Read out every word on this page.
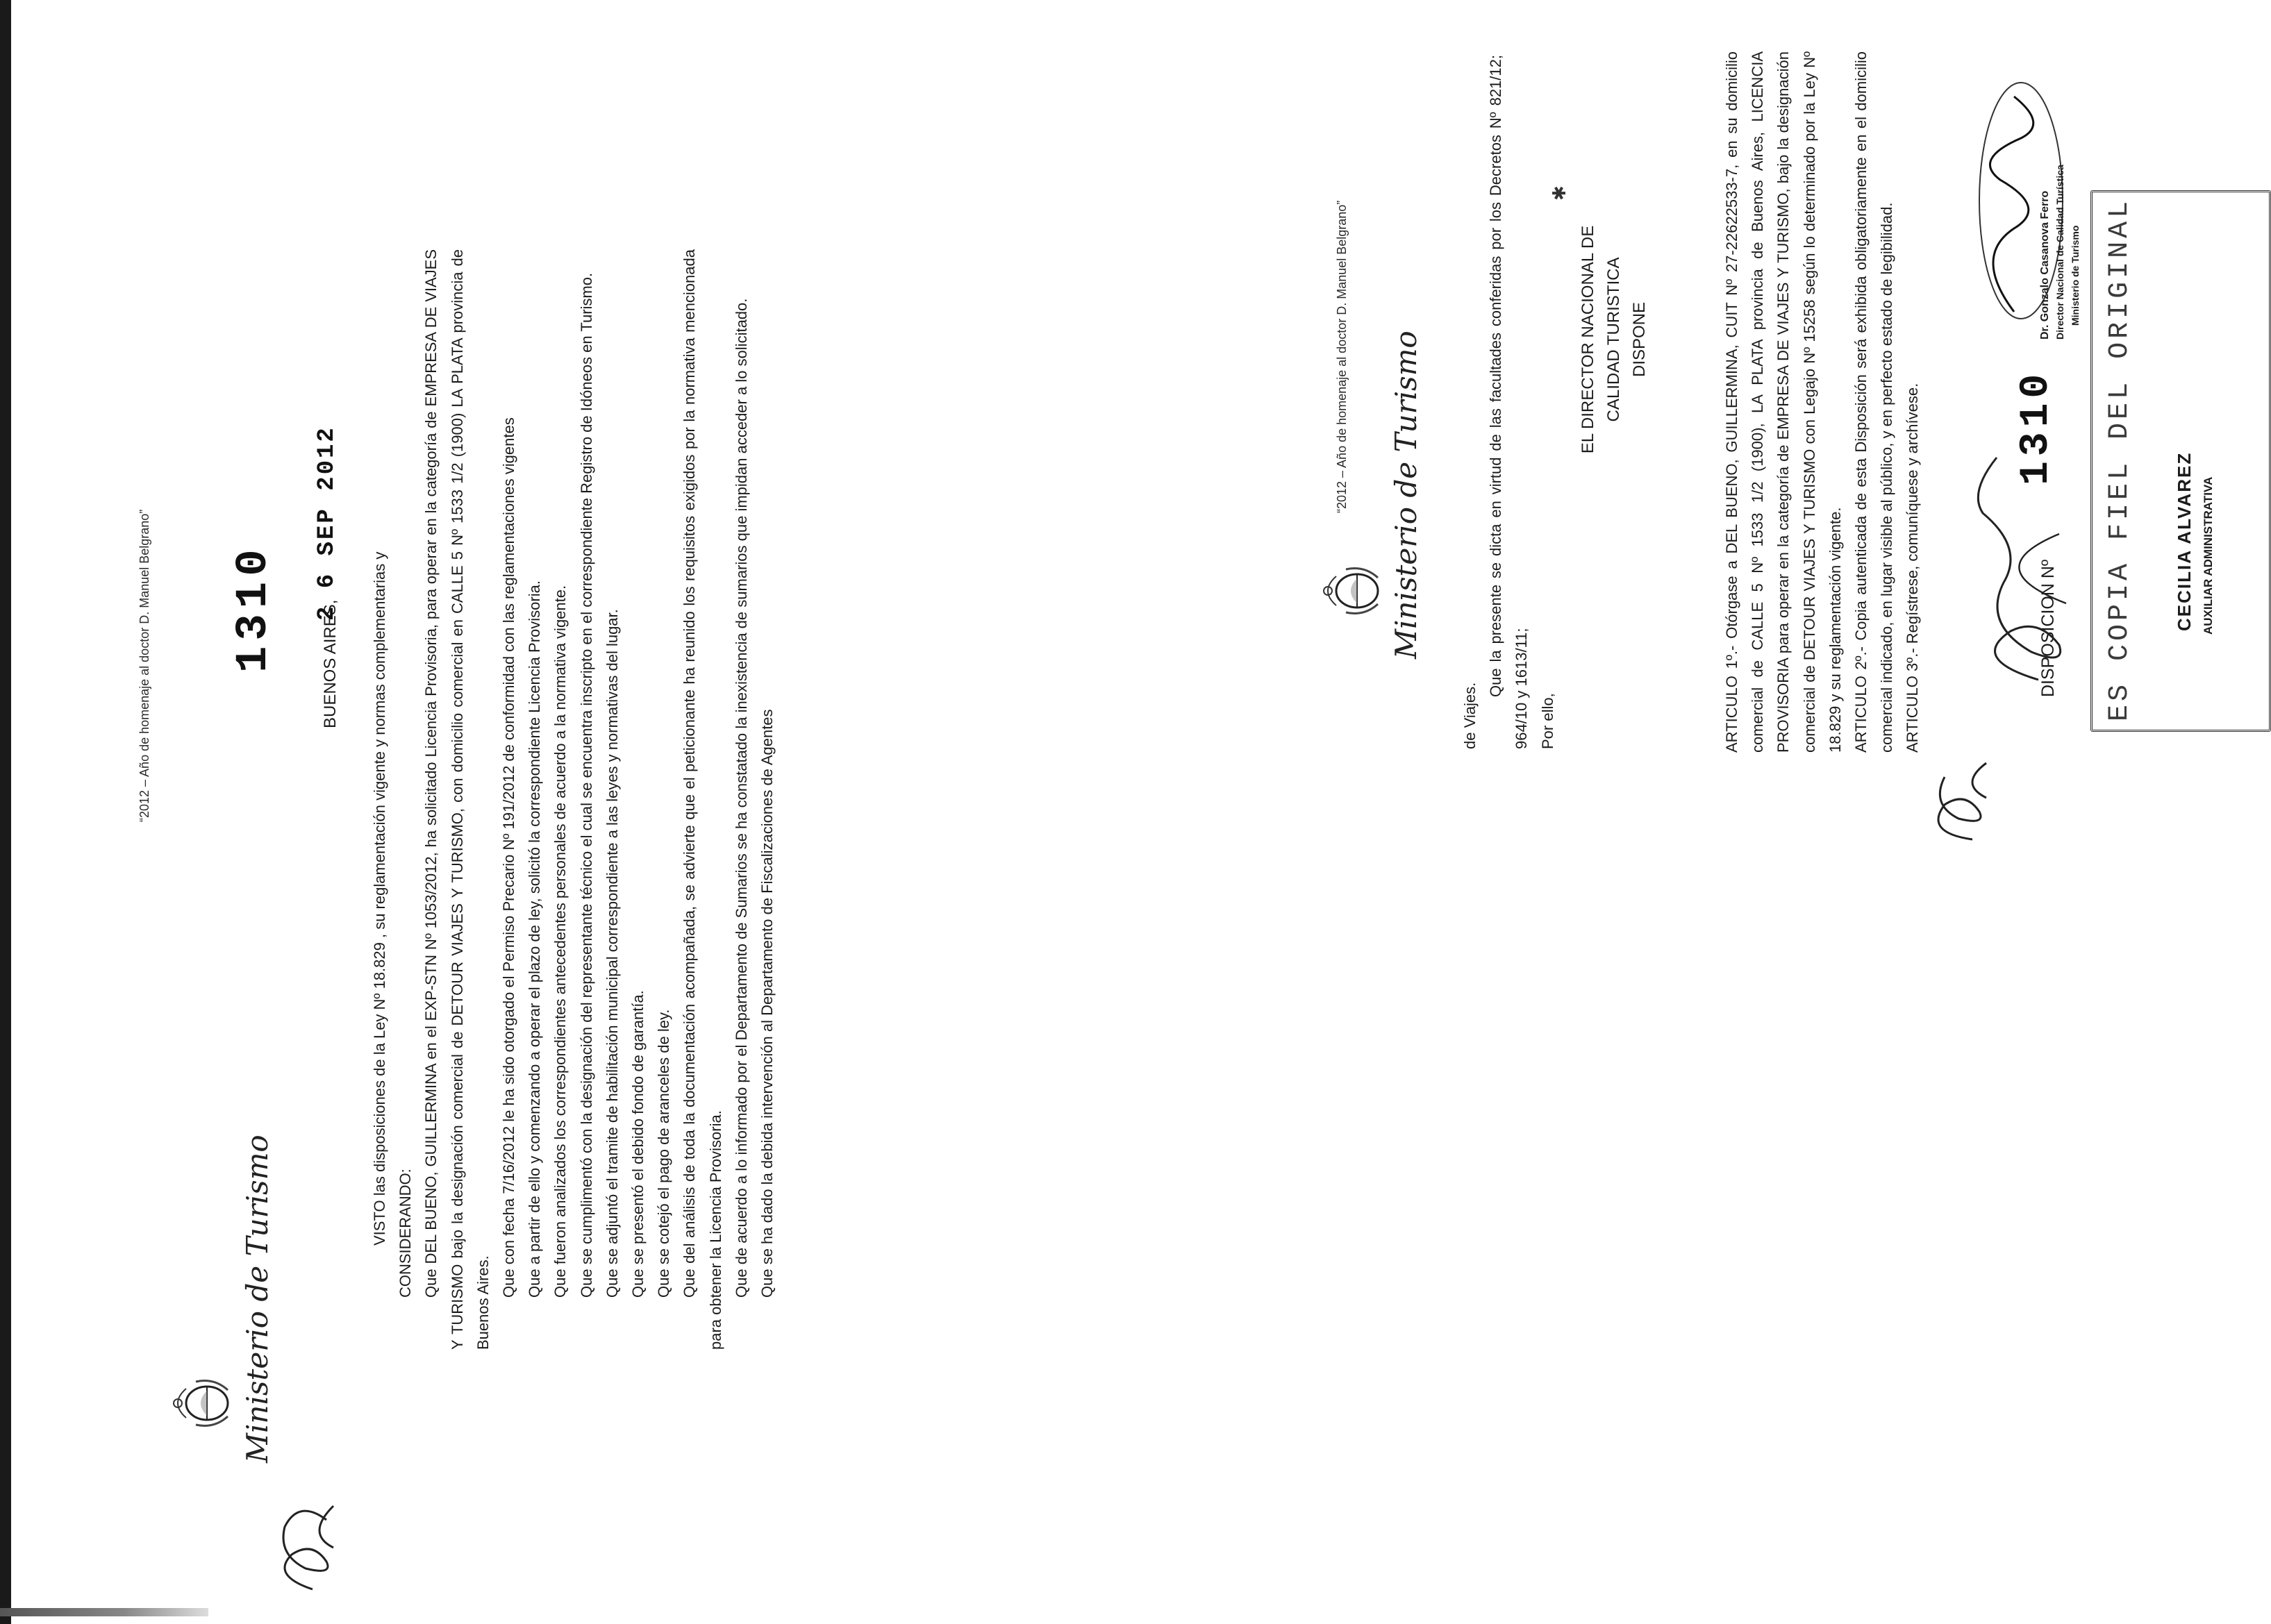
“2012 – Año de homenaje al doctor D. Manuel Belgrano”
Ministerio de Turismo
1310	BUENOS AIRES,
2 6 SEP 2012

VISTO las disposiciones de la Ley Nº 18.829 , su reglamentación vigente y normas complementarias y CONSIDERANDO: Que DEL BUENO, GUILLERMINA en el EXP-STN Nº 1053/2012, ha solicitado Licencia Provisoria, para operar en la categoría de EMPRESA DE VIAJES Y TURISMO bajo la designación comercial de DETOUR VIAJES Y TURISMO, con domicilio comercial en CALLE 5 Nº 1533 1/2 (1900) LA PLATA provincia de Buenos Aires.

Que con fecha 7/16/2012 le ha sido otorgado el Permiso Precario Nº 191/2012 de conformidad con las reglamentaciones vigentes Que a partir de ello y comenzando a operar el plazo de ley, solicitó la correspondiente Licencia Provisoria. Que fueron analizados los correspondientes antecedentes personales de acuerdo a la normativa vigente. Que se cumplimentó con la designación del representante técnico el cual se encuentra inscripto en el correspondiente Registro de Idóneos en Turismo. Que se adjuntó el tramite de habilitación municipal correspondiente a las leyes y normativas del lugar. Que se presentó el debido fondo de garantía. Que se cotejó el pago de aranceles de ley. Que del análisis de toda la documentación acompañada, se advierte que el peticionante ha reunido los requisitos exigidos por la normativa mencionada para obtener la Licencia Provisoria. Que de acuerdo a lo informado por el Departamento de Sumarios se ha constatado la inexistencia de sumarios que impidan acceder a lo solicitado. Que se ha dado la debida intervención al Departamento de Fiscalizaciones de Agentes

“2012 – Año de homenaje al doctor D. Manuel Belgrano” Ministerio de Turismo

de Viajes.

Que la presente se dicta en virtud de las facultades conferidas por los Decretos Nº 821/12; 964/10 y 1613/11; Por ello,

EL DIRECTOR NACIONAL DE CALIDAD TURISTICA DISPONE	ARTICULO 1º.- Otórgase a DEL BUENO, GUILLERMINA, CUIT Nº 27-22622533-7, en su domicilio comercial de CALLE 5 Nº 1533 1/2 (1900), LA PLATA provincia de Buenos Aires, LICENCIA PROVISORIA para operar en la categoría de EMPRESA DE VIAJES Y TURISMO, bajo la designación comercial de DETOUR VIAJES Y TURISMO con Legajo Nº 15258 según lo determinado por la Ley Nº 18.829 y su reglamentación vigente. ARTICULO 2º.- Copia autenticada de esta Disposición será exhibida obligatoriamente en el domicilio comercial indicado, en lugar visible al público, y en perfecto estado de legibilidad. ARTICULO 3º.- Regístrese, comuníquese y archívese.	DISPOSICION Nº
1310 ES COPIA FIEL DEL ORIGINAL CECILIA ALVAREZ AUXILIAR ADMINISTRATIVA
Dr. Gonzalo Casanova Ferro Director Nacional de Calidad Turística Ministerio de Turismo
✱
